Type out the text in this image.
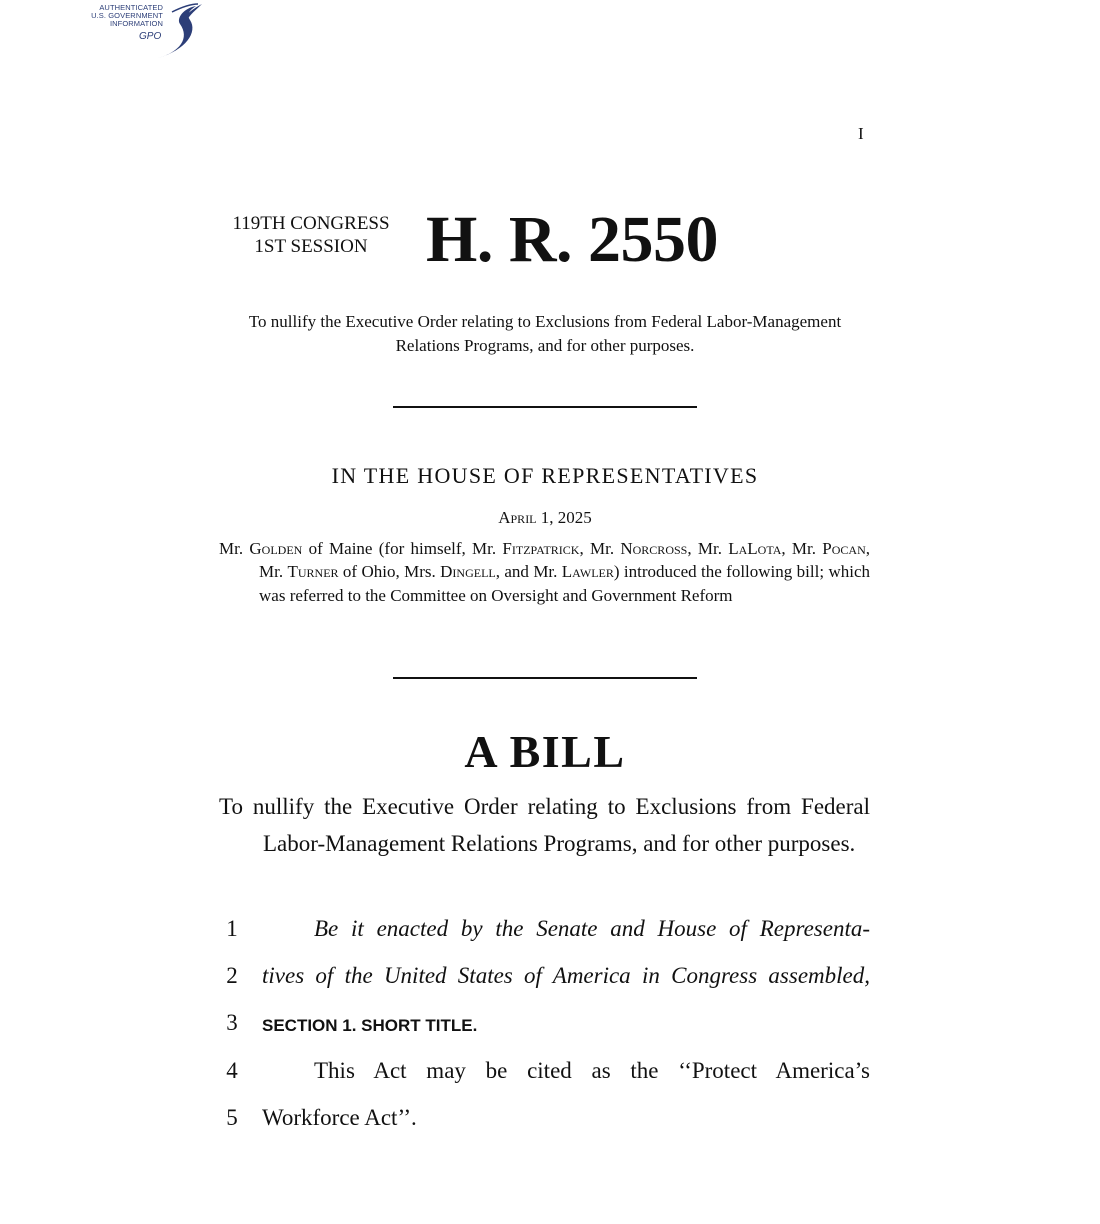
AUTHENTICATED
U.S. GOVERNMENT
INFORMATION
GPO
I
119TH CONGRESS
1ST SESSION H. R. 2550
To nullify the Executive Order relating to Exclusions from Federal Labor-Management Relations Programs, and for other purposes.
IN THE HOUSE OF REPRESENTATIVES
April 1, 2025

Mr. Golden of Maine (for himself, Mr. Fitzpatrick, Mr. Norcross, Mr. LaLota, Mr. Pocan, Mr. Turner of Ohio, Mrs. Dingell, and Mr. Lawler) introduced the following bill; which was referred to the Committee on Oversight and Government Reform

A BILL

To nullify the Executive Order relating to Exclusions from Federal Labor-Management Relations Programs, and for other purposes.

1	Be it enacted by the Senate and House of Representa-
2	tives of the United States of America in Congress assembled,
3	SECTION 1. SHORT TITLE.
4	This Act may be cited as the ‘‘Protect America’s
5	Workforce Act’’.
